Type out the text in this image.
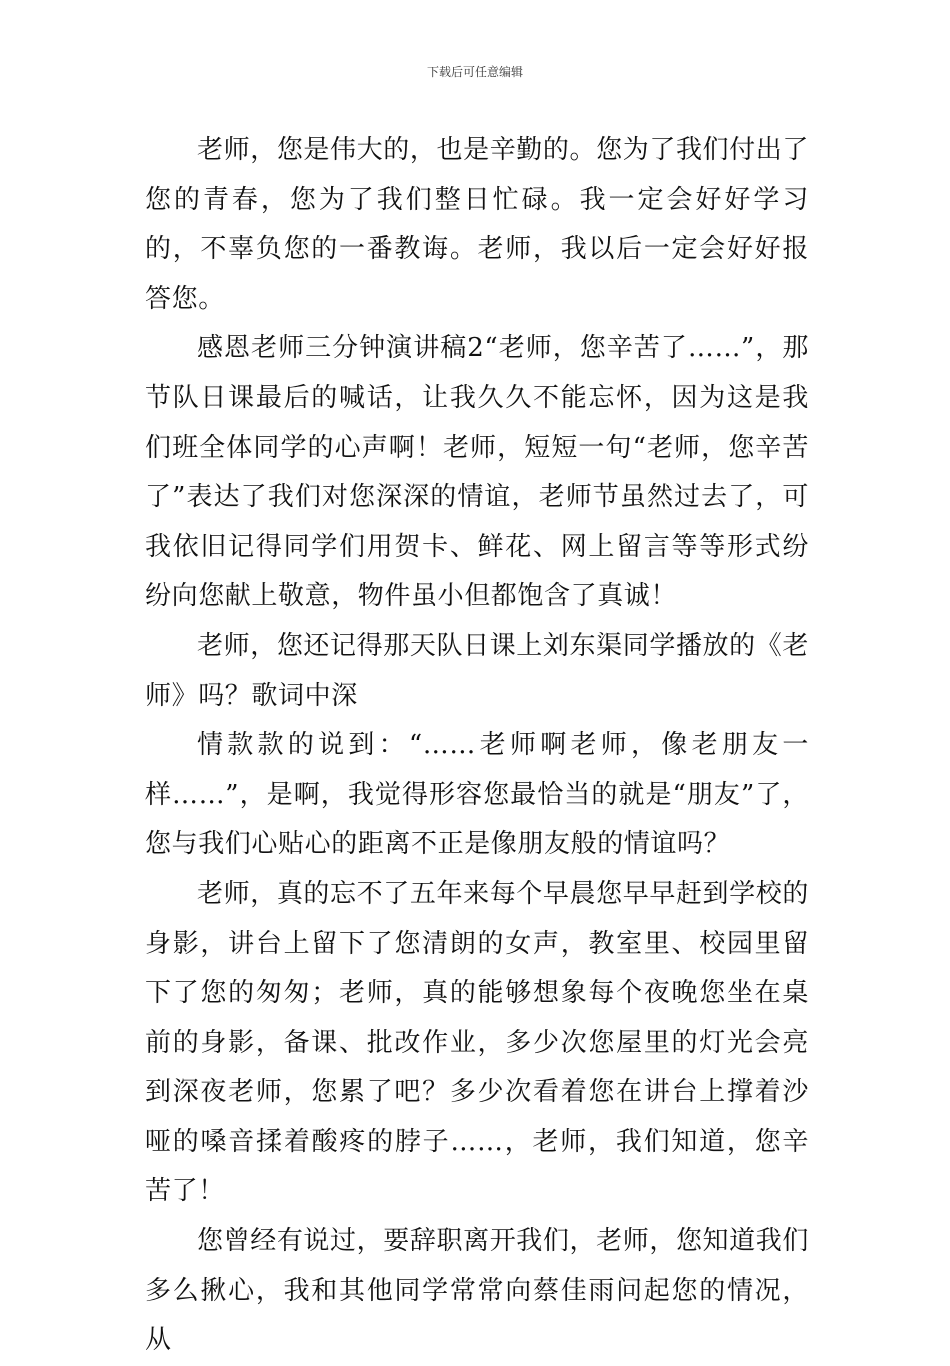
下载后可任意编辑

老师，您是伟大的，也是辛勤的。您为了我们付出了您的青春，您为了我们整日忙碌。我一定会好好学习的，不辜负您的一番教诲。老师，我以后一定会好好报答您。

感恩老师三分钟演讲稿2“老师，您辛苦了……”，那节队日课最后的喊话，让我久久不能忘怀，因为这是我们班全体同学的心声啊！老师，短短一句“老师，您辛苦了”表达了我们对您深深的情谊，老师节虽然过去了，可我依旧记得同学们用贺卡、鲜花、网上留言等等形式纷纷向您献上敬意，物件虽小但都饱含了真诚！

老师，您还记得那天队日课上刘东渠同学播放的《老师》吗？歌词中深

情款款的说到：“……老师啊老师，像老朋友一样……”，是啊，我觉得形容您最恰当的就是“朋友”了，您与我们心贴心的距离不正是像朋友般的情谊吗？

老师，真的忘不了五年来每个早晨您早早赶到学校的身影，讲台上留下了您清朗的女声，教室里、校园里留下了您的匆匆；老师，真的能够想象每个夜晚您坐在桌前的身影，备课、批改作业，多少次您屋里的灯光会亮到深夜老师，您累了吧？多少次看着您在讲台上撑着沙哑的嗓音揉着酸疼的脖子……，老师，我们知道，您辛苦了！

您曾经有说过，要辞职离开我们，老师，您知道我们多么揪心，我和其他同学常常向蔡佳雨问起您的情况，从
